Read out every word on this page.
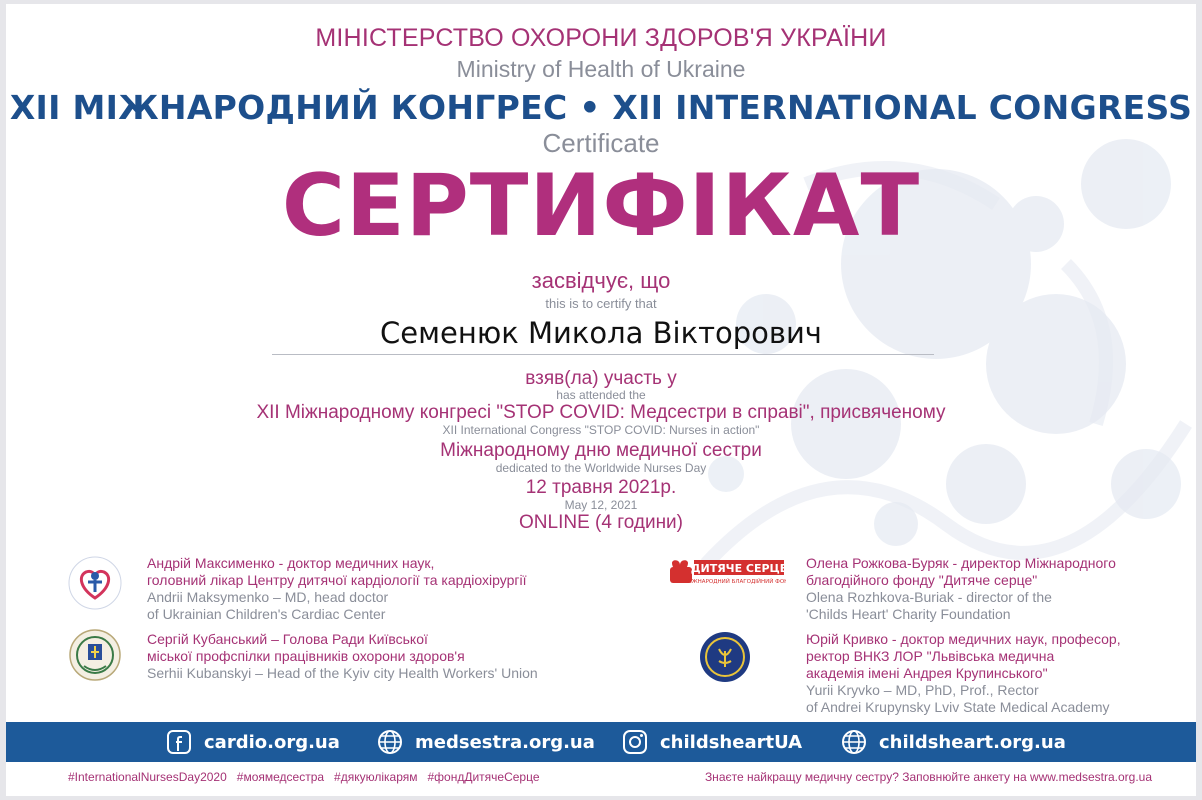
МІНІСТЕРСТВО ОХОРОНИ ЗДОРОВ'Я УКРАЇНИ
Ministry of Health of Ukraine
XII МІЖНАРОДНИЙ КОНГРЕС • XII INTERNATIONAL CONGRESS
Certificate
СЕРТИФІКАТ
засвідчує, що
this is to certify that
Семенюк Микола Вікторович
взяв(ла) участь у
has attended the
XII Міжнародному конгресі "STOP COVID: Медсестри в справі", присвяченому
XII International Congress "STOP COVID: Nurses in action"
Міжнародному дню медичної сестри
dedicated to the Worldwide Nurses Day
12 травня 2021р.
May 12, 2021
ONLINE (4 години)
Андрій Максименко - доктор медичних наук,
головний лікар Центру дитячої кардіології та кардіохірургії
Andrii Maksymenko – MD, head doctor
of Ukrainian Children's Cardiac Center
ДИТЯЧЕ СЕРЦЕ
МІЖНАРОДНИЙ БЛАГОДІЙНИЙ ФОНД
Олена Рожкова-Буряк - директор Міжнародного
благодійного фонду "Дитяче серце"
Olena Rozhkova-Buriak - director of the
'Childs Heart' Charity Foundation
Сергій Кубанський – Голова Ради Київської
міської профспілки працівників охорони здоров'я
Serhii Kubanskyi – Head of the Kyiv city Health Workers' Union
Юрій Кривко - доктор медичних наук, професор,
ректор ВНКЗ ЛОР "Львівська медична
академія імені Андрея Крупинського"
Yurii Kryvko – MD, PhD, Prof., Rector
of Andrei Krupynsky Lviv State Medical Academy
cardio.org.ua	medsestra.org.ua	childsheartUA	childsheart.org.ua
#InternationalNursesDay2020   #моямедсестра   #дякуюлікарям   #фондДитячеСерце	Знаєте найкращу медичну сестру? Заповнюйте анкету на www.medsestra.org.ua
